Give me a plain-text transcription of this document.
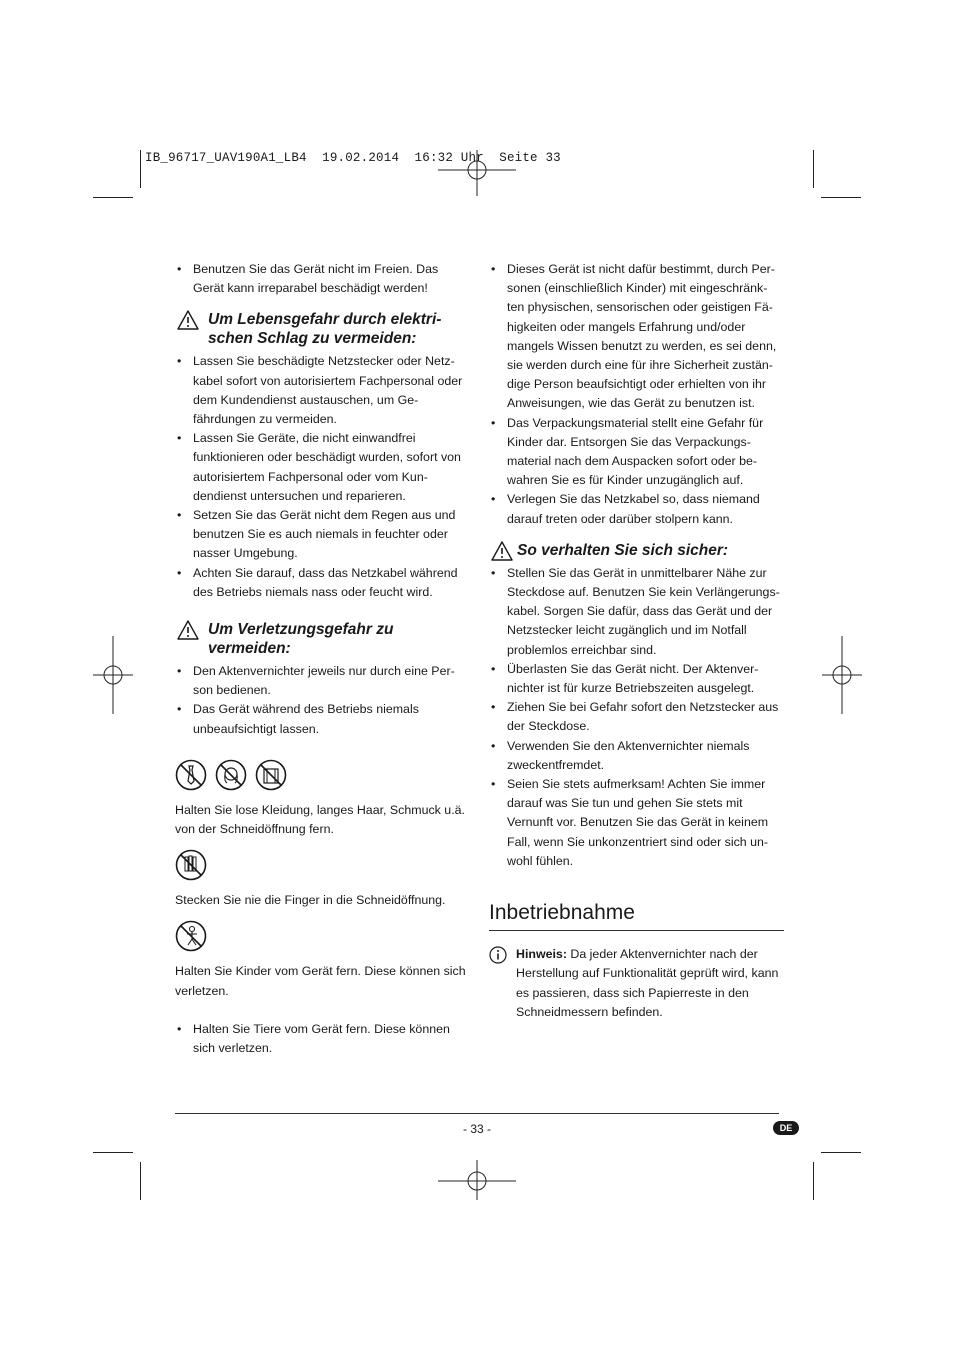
IB_96717_UAV190A1_LB4  19.02.2014  16:32 Uhr  Seite 33
• Benutzen Sie das Gerät nicht im Freien. Das Gerät kann irreparabel beschädigt werden!
Um Lebensgefahr durch elektri-
schen Schlag zu vermeiden:
• Lassen Sie beschädigte Netzstecker oder Netz-kabel sofort von autorisiertem Fachpersonal oder dem Kundendienst austauschen, um Ge-fährdungen zu vermeiden.
• Lassen Sie Geräte, die nicht einwandfrei funktionieren oder beschädigt wurden, sofort von autorisiertem Fachpersonal oder vom Kun-dendienst untersuchen und reparieren.
• Setzen Sie das Gerät nicht dem Regen aus und benutzen Sie es auch niemals in feuchter oder nasser Umgebung.
• Achten Sie darauf, dass das Netzkabel während des Betriebs niemals nass oder feucht wird.
Um Verletzungsgefahr zu
vermeiden:
• Den Aktenvernichter jeweils nur durch eine Per-son bedienen.
• Das Gerät während des Betriebs niemals unbeaufsichtigt lassen.

Halten Sie lose Kleidung, langes Haar, Schmuck u.ä. von der Schneidöffnung fern.

Stecken Sie nie die Finger in die Schneidöffnung.

Halten Sie Kinder vom Gerät fern. Diese können sich verletzen.

• Halten Sie Tiere vom Gerät fern. Diese können sich verletzen.
• Dieses Gerät ist nicht dafür bestimmt, durch Per-sonen (einschließlich Kinder) mit eingeschränk-ten physischen, sensorischen oder geistigen Fä-higkeiten oder mangels Erfahrung und/oder mangels Wissen benutzt zu werden, es sei denn, sie werden durch eine für ihre Sicherheit zustän-dige Person beaufsichtigt oder erhielten von ihr Anweisungen, wie das Gerät zu benutzen ist.
• Das Verpackungsmaterial stellt eine Gefahr für Kinder dar. Entsorgen Sie das Verpackungs-material nach dem Auspacken sofort oder be-wahren Sie es für Kinder unzugänglich auf.
• Verlegen Sie das Netzkabel so, dass niemand darauf treten oder darüber stolpern kann.
So verhalten Sie sich sicher:
• Stellen Sie das Gerät in unmittelbarer Nähe zur Steckdose auf. Benutzen Sie kein Verlängerungs-kabel. Sorgen Sie dafür, dass das Gerät und der Netzstecker leicht zugänglich und im Notfall problemlos erreichbar sind.
• Überlasten Sie das Gerät nicht. Der Aktenver-nichter ist für kurze Betriebszeiten ausgelegt.
• Ziehen Sie bei Gefahr sofort den Netzstecker aus der Steckdose.
• Verwenden Sie den Aktenvernichter niemals zweckentfremdet.
• Seien Sie stets aufmerksam! Achten Sie immer darauf was Sie tun und gehen Sie stets mit Vernunft vor. Benutzen Sie das Gerät in keinem Fall, wenn Sie unkonzentriert sind oder sich un-wohl fühlen.
Inbetriebnahme
Hinweis: Da jeder Aktenvernichter nach der Herstellung auf Funktionalität geprüft wird, kann es passieren, dass sich Papierreste in den Schneidmessern befinden.
- 33 -	DE
